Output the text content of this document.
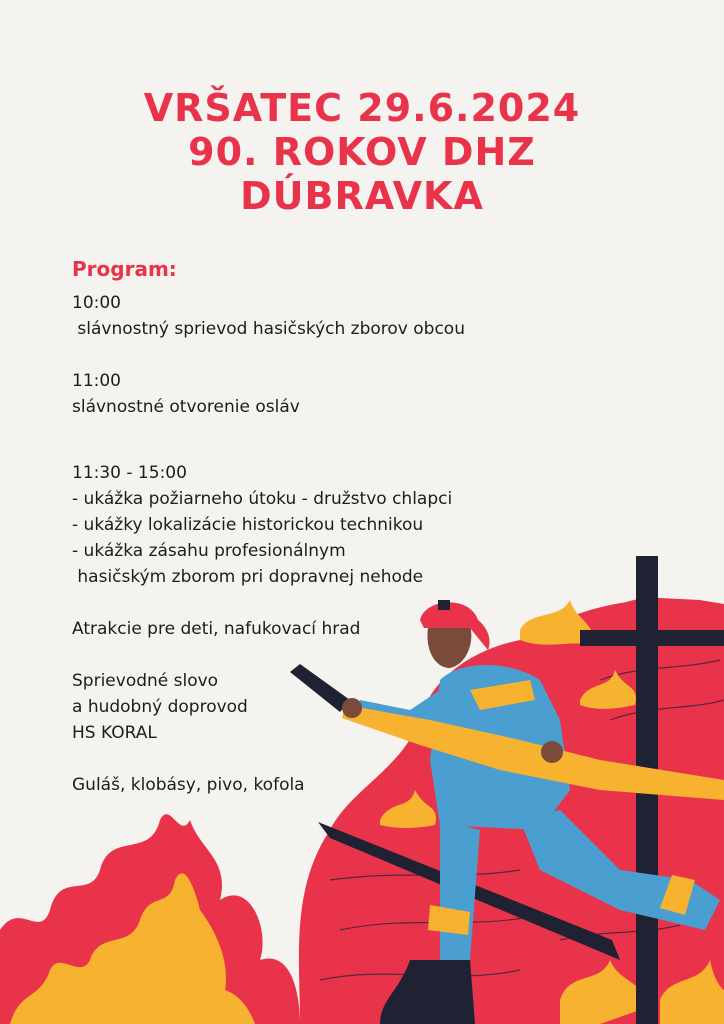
VRŠATEC 29.6.2024
90. ROKOV DHZ
DÚBRAVKA
Program:
10:00
slávnostný sprievod hasičských zborov obcou
11:00
slávnostné otvorenie osláv
11:30 - 15:00
- ukážka požiarneho útoku - družstvo chlapci
- ukážky lokalizácie historickou technikou
- ukážka zásahu profesionálnym
hasičským zborom pri dopravnej nehode
Atrakcie pre deti, nafukovací hrad
Sprievodné slovo
a hudobný doprovod
HS KORAL
Guláš, klobásy, pivo, kofola
